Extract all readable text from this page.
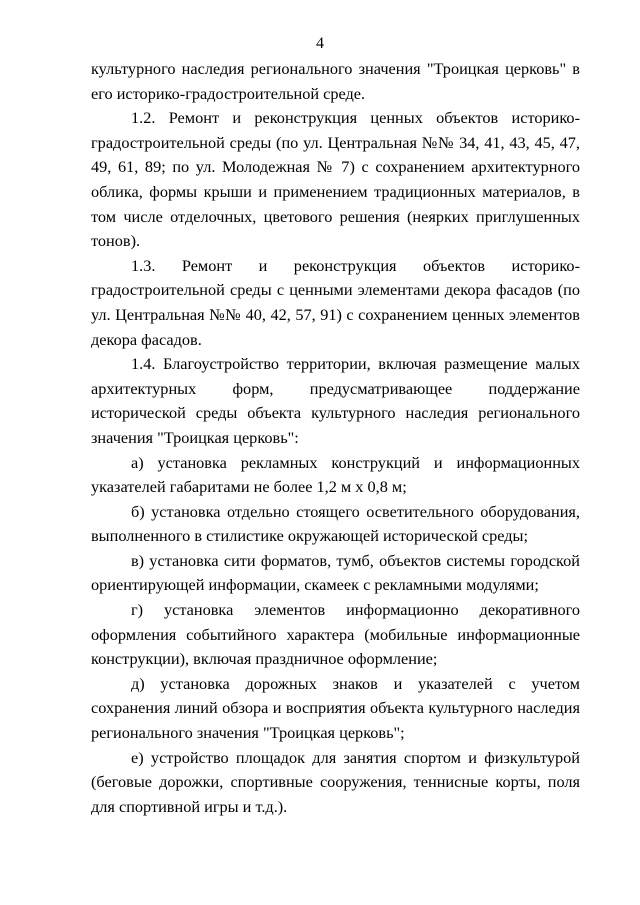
4

культурного наследия регионального значения "Троицкая церковь" в его историко-градостроительной среде.

1.2. Ремонт и реконструкция ценных объектов историко-градостроительной среды (по ул. Центральная №№ 34, 41, 43, 45, 47, 49, 61, 89; по ул. Молодежная № 7) с сохранением архитектурного облика, формы крыши и применением традиционных материалов, в том числе отделочных, цветового решения (неярких приглушенных тонов).

1.3. Ремонт и реконструкция объектов историко-градостроительной среды с ценными элементами декора фасадов (по ул. Центральная №№ 40, 42, 57, 91) с сохранением ценных элементов декора фасадов.

1.4. Благоустройство территории, включая размещение малых архитектурных форм, предусматривающее поддержание исторической среды объекта культурного наследия регионального значения "Троицкая церковь":

а) установка рекламных конструкций и информационных указателей габаритами не более 1,2 м х 0,8 м;

б) установка отдельно стоящего осветительного оборудования, выполненного в стилистике окружающей исторической среды;

в) установка сити форматов, тумб, объектов системы городской ориентирующей информации, скамеек с рекламными модулями;

г) установка элементов информационно декоративного оформления событийного характера (мобильные информационные конструкции), включая праздничное оформление;

д) установка дорожных знаков и указателей с учетом сохранения линий обзора и восприятия объекта культурного наследия регионального значения "Троицкая церковь";

е) устройство площадок для занятия спортом и физкультурой (беговые дорожки, спортивные сооружения, теннисные корты, поля для спортивной игры и т.д.).
